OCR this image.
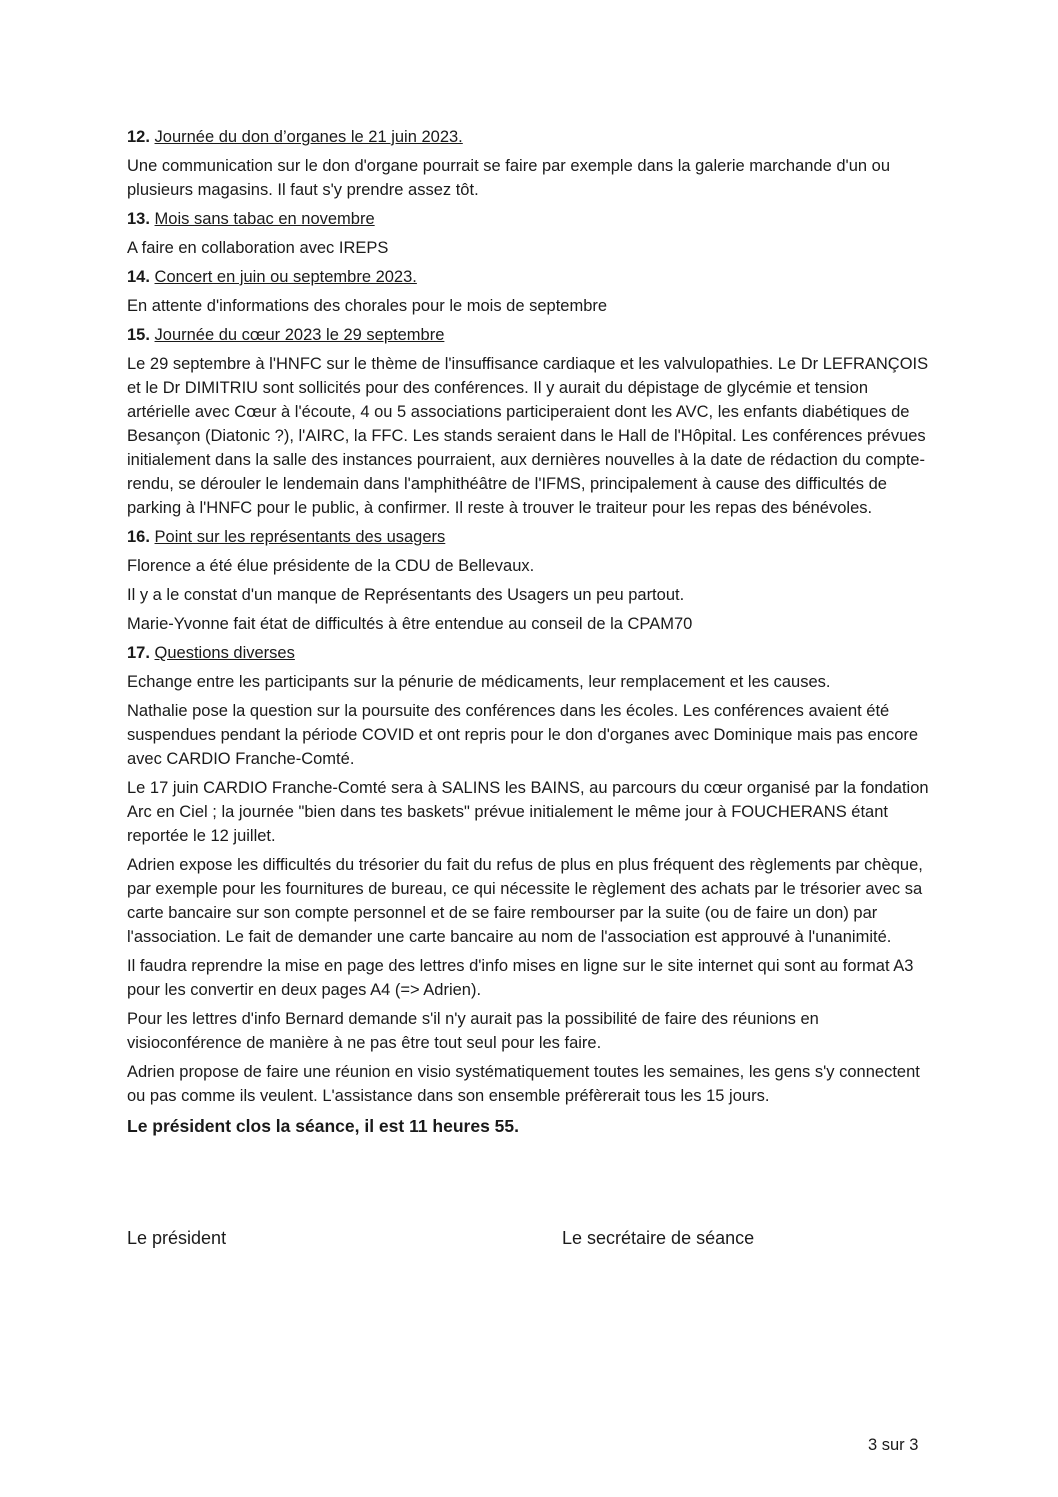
12. Journée du don d’organes le 21 juin 2023.
Une communication sur le don d'organe pourrait se faire par exemple dans la galerie marchande d'un ou plusieurs magasins. Il faut s'y prendre assez tôt.
13. Mois sans tabac en novembre
A faire en collaboration avec IREPS
14. Concert en juin ou septembre 2023.
En attente d'informations des chorales pour le mois de septembre
15. Journée du cœur 2023 le 29 septembre
Le 29 septembre à l'HNFC sur le thème de l'insuffisance cardiaque et les valvulopathies. Le Dr LEFRANÇOIS et le Dr DIMITRIU sont sollicités pour des conférences. Il y aurait du dépistage de glycémie et tension artérielle avec Cœur à l'écoute, 4 ou 5 associations participeraient dont les AVC, les enfants diabétiques de Besançon (Diatonic ?), l'AIRC, la FFC. Les stands seraient dans le Hall de l'Hôpital. Les conférences prévues initialement dans la salle des instances pourraient, aux dernières nouvelles à la date de rédaction du compte-rendu, se dérouler le lendemain dans l'amphithéâtre de l'IFMS, principalement à cause des difficultés de parking à l'HNFC pour le public, à confirmer. Il reste à trouver le traiteur pour les repas des bénévoles.
16. Point sur les représentants des usagers
Florence a été élue présidente de la CDU de Bellevaux.
Il y a le constat d'un manque de Représentants des Usagers un peu partout.
Marie-Yvonne fait état de difficultés à être entendue au conseil de la CPAM70
17. Questions diverses
Echange entre les participants sur la pénurie de médicaments, leur remplacement et les causes.
Nathalie pose la question sur la poursuite des conférences dans les écoles. Les conférences avaient été suspendues pendant la période COVID et ont repris pour le don d'organes avec Dominique mais pas encore avec CARDIO Franche-Comté.
Le 17 juin CARDIO Franche-Comté sera à SALINS les BAINS, au parcours du cœur organisé par la fondation Arc en Ciel ; la journée "bien dans tes baskets" prévue initialement le même jour à FOUCHERANS étant reportée le 12 juillet.
Adrien expose les difficultés du trésorier du fait du refus de plus en plus fréquent des règlements par chèque, par exemple pour les fournitures de bureau, ce qui nécessite le règlement des achats par le trésorier avec sa carte bancaire sur son compte personnel et de se faire rembourser par la suite (ou de faire un don) par l'association. Le fait de demander une carte bancaire au nom de l'association est approuvé à l'unanimité.
Il faudra reprendre la mise en page des lettres d'info mises en ligne sur le site internet qui sont au format A3 pour les convertir en deux pages A4 (=> Adrien).
Pour les lettres d'info Bernard demande s'il n'y aurait pas la possibilité de faire des réunions en visioconférence de manière à ne pas être tout seul pour les faire.
Adrien propose de faire une réunion en visio systématiquement toutes les semaines, les gens s'y connectent ou pas comme ils veulent. L'assistance dans son ensemble préfèrerait tous les 15 jours.
Le président clos la séance, il est 11 heures 55.
Le président	Le secrétaire de séance
3 sur 3
